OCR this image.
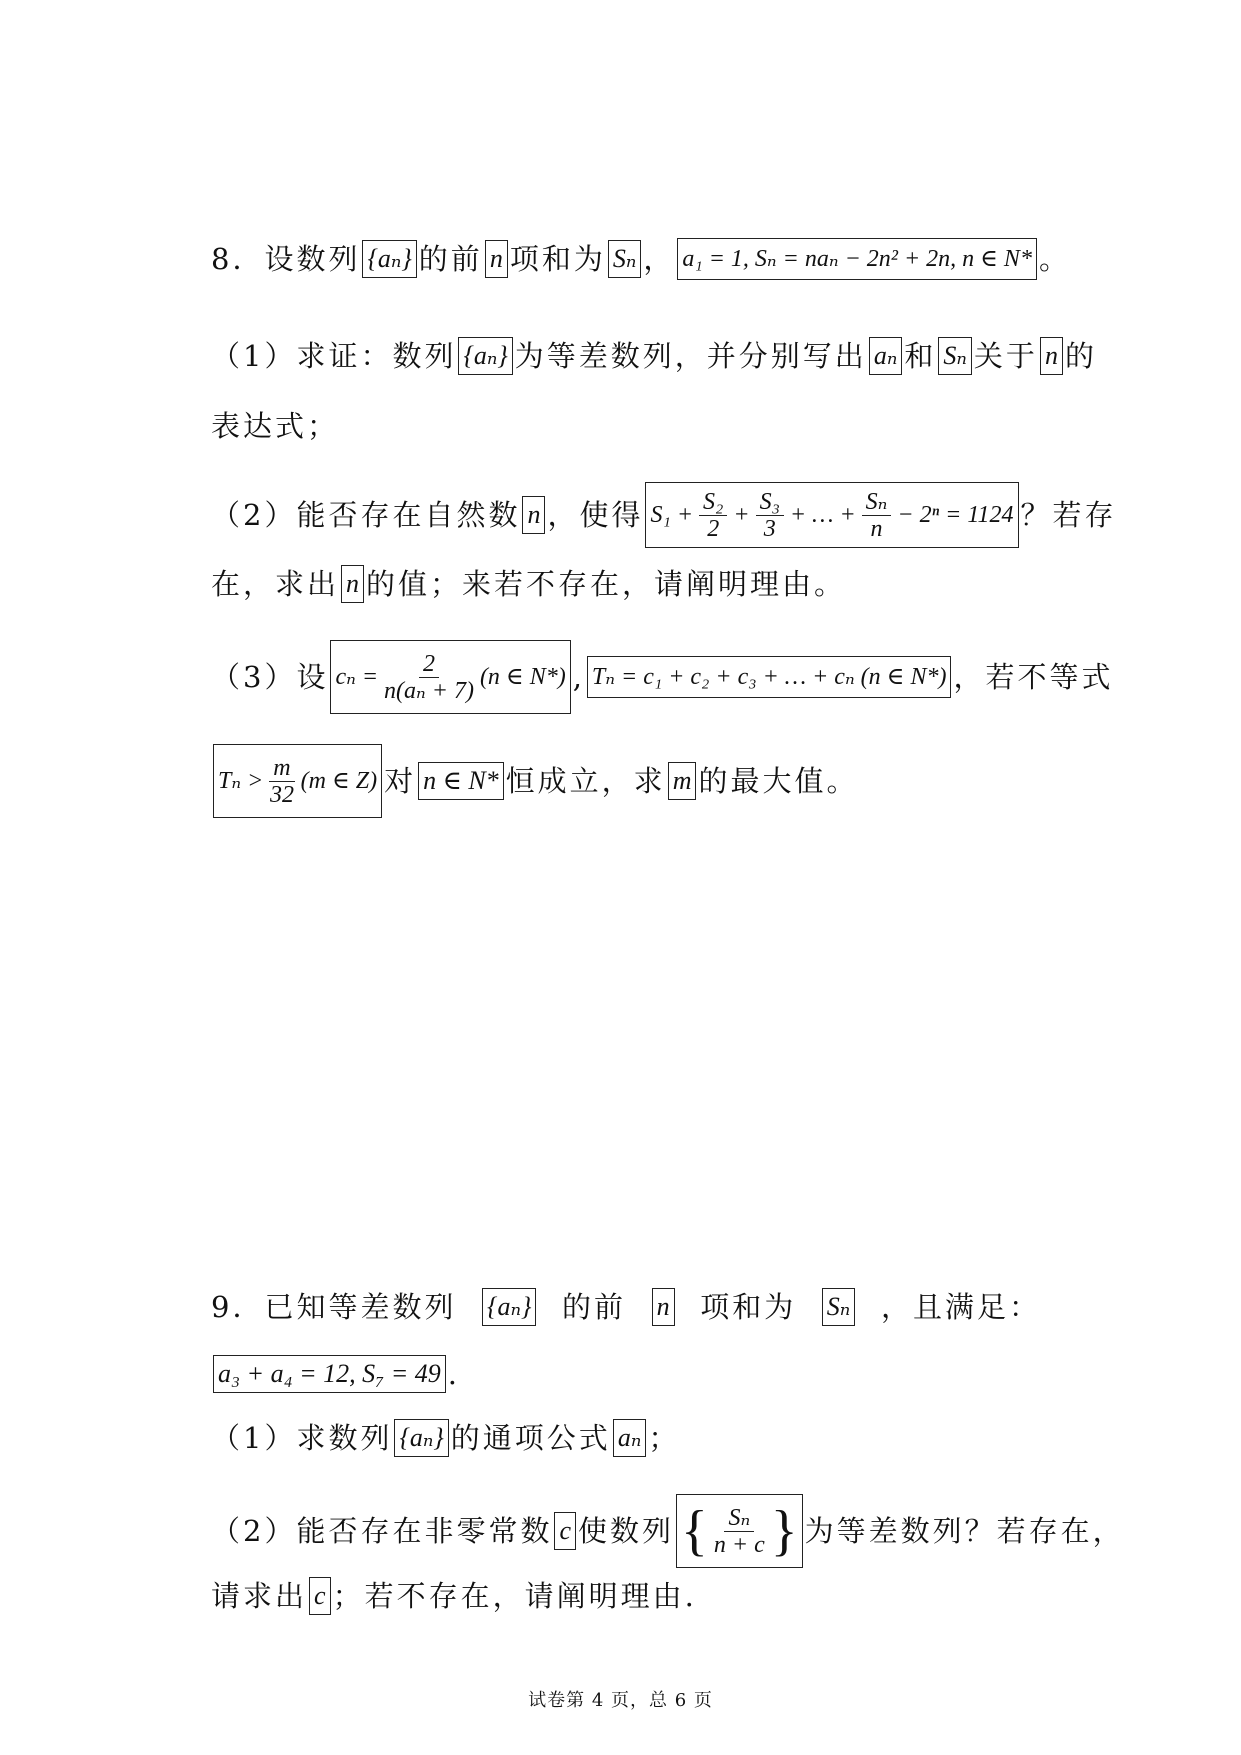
8．设数列 {aₙ} 的前 n 项和为 Sₙ ， a₁ = 1, Sₙ = naₙ − 2n² + 2n, n ∈ N* 。
（1）求证：数列 {aₙ} 为等差数列，并分别写出 aₙ 和 Sₙ 关于 n 的
表达式；
（2）能否存在自然数 n ，使得 $S_1 + \frac{\text{S₂}}{2} + \frac{\text{S₃}}{3}$ + … + $\frac{\text{Sₙ}}{n} - 2^n = 1124$ ？若存
在，求出 n 的值；来若不存在，请阐明理由。
（3）设 $c_n = \frac{2}{\text{n(aₙ + 7)}} (n$ ∈ N*) , Tₙ = c₁ + c₂ + c₃ + … + cₙ (n ∈ N*) ，若不等式
$T_n > \frac{m}{32} (m$ ∈ Z) 对 n ∈ N* 恒成立，求 m 的最大值。
9．已知等差数列 {aₙ} 的前 n 项和为 Sₙ ，且满足：
a₃ + a₄ = 12, S₇ = 49 .
（1）求数列 {aₙ} 的通项公式 aₙ ；
（2）能否存在非零常数 c 使数列 { $\frac{\text{Sₙ}}{n + c}$ } 为等差数列？若存在，
请求出 c ；若不存在，请阐明理由.
试卷第 4 页，总 6 页
